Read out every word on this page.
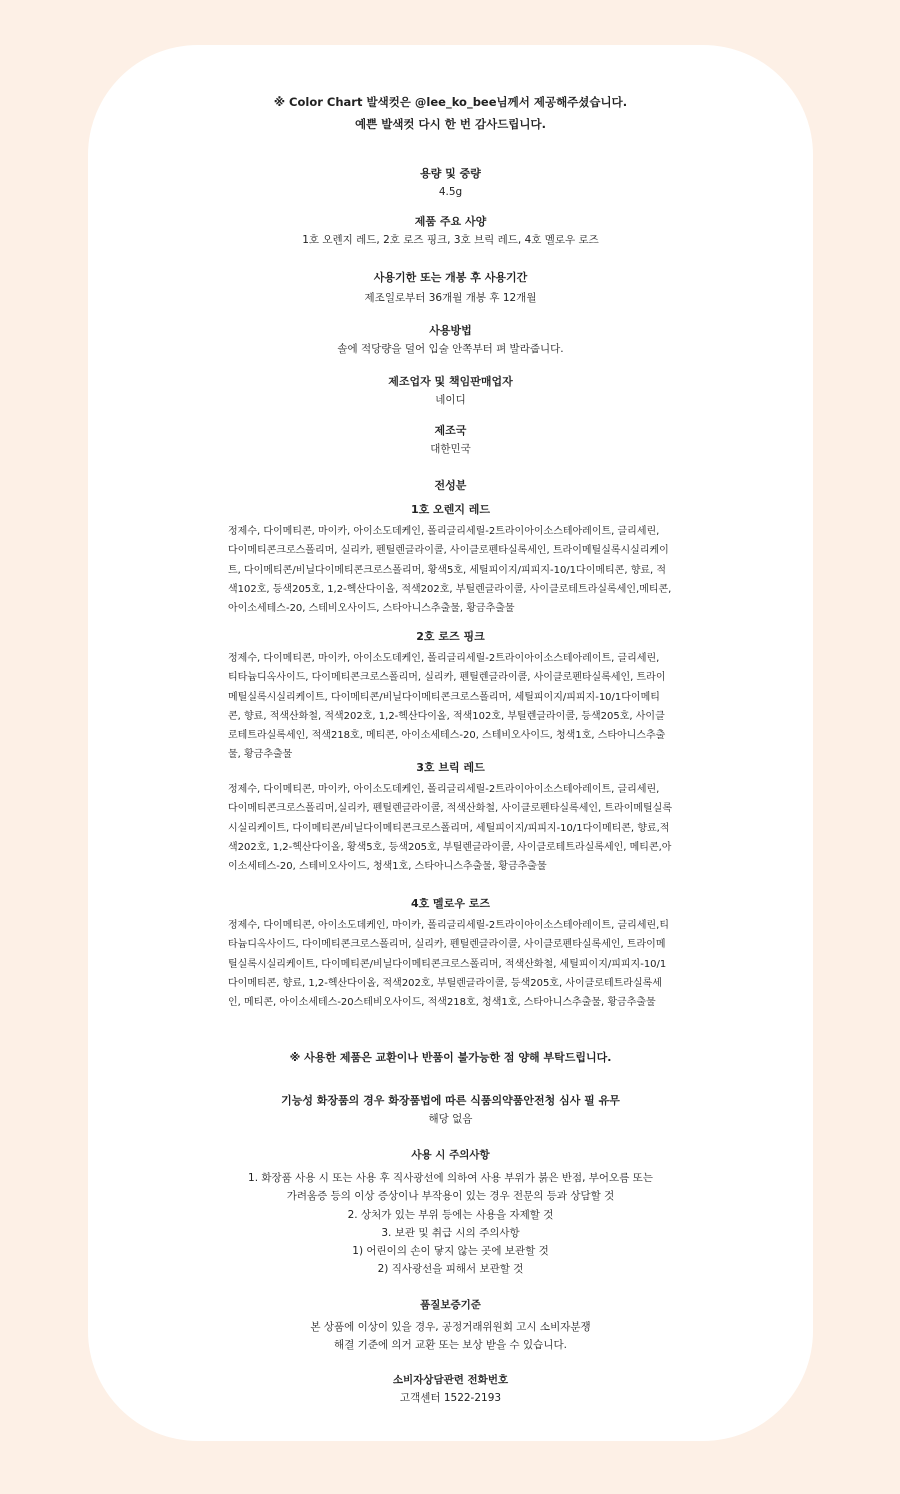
※ Color Chart 발색컷은 @lee_ko_bee님께서 제공해주셨습니다.
예쁜 발색컷 다시 한 번 감사드립니다.
용량 및 중량
4.5g
제품 주요 사양
1호 오렌지 레드, 2호 로즈 핑크, 3호 브릭 레드, 4호 멜로우 로즈
사용기한 또는 개봉 후 사용기간
제조일로부터 36개월 개봉 후 12개월
사용방법
솔에 적당량을 덜어 입술 안쪽부터 펴 발라줍니다.
제조업자 및 책임판매업자
네이디
제조국
대한민국
전성분
1호 오렌지 레드
정제수, 다이메티콘, 마이카, 아이소도데케인, 폴리글리세릴-2트라이아이소스테아레이트, 글리세린, 다이메티콘크로스폴리머, 실리카, 펜틸렌글라이콜, 사이클로펜타실록세인, 트라이메틸실록시실리케이트, 다이메티콘/비닐다이메티콘크로스폴리머, 황색5호, 세틸피이지/피피지-10/1다이메티콘, 향료, 적색102호, 등색205호, 1,2-헥산다이올, 적색202호, 부틸렌글라이콜, 사이클로테트라실록세인,메티콘, 아이소세테스-20, 스테비오사이드, 스타아니스추출물, 황금추출물
2호 로즈 핑크
정제수, 다이메티콘, 마이카, 아이소도데케인, 폴리글리세릴-2트라이아이소스테아레이트, 글리세린, 티타늄디옥사이드, 다이메티콘크로스폴리머, 실리카, 펜틸렌글라이콜, 사이클로펜타실록세인, 트라이메틸실록시실리케이트, 다이메티콘/비닐다이메티콘크로스폴리머, 세틸피이지/피피지-10/1다이메티콘, 향료, 적색산화철, 적색202호, 1,2-헥산다이올, 적색102호, 부틸렌글라이콜, 등색205호, 사이클로테트라실록세인, 적색218호, 메티콘, 아이소세테스-20, 스테비오사이드, 청색1호, 스타아니스추출물, 황금추출물
3호 브릭 레드
정제수, 다이메티콘, 마이카, 아이소도데케인, 폴리글리세릴-2트라이아이소스테아레이트, 글리세린, 다이메티콘크로스폴리머,실리카, 펜틸렌글라이콜, 적색산화철, 사이클로펜타실록세인, 트라이메틸실록시실리케이트, 다이메티콘/비닐다이메티콘크로스폴리머, 세틸피이지/피피지-10/1다이메티콘, 향료,적색202호, 1,2-헥산다이올, 황색5호, 등색205호, 부틸렌글라이콜, 사이클로테트라실록세인, 메티콘,아이소세테스-20, 스테비오사이드, 청색1호, 스타아니스추출물, 황금추출물
4호 멜로우 로즈
정제수, 다이메티콘, 아이소도데케인, 마이카, 폴리글리세릴-2트라이아이소스테아레이트, 글리세린,티타늄디옥사이드, 다이메티콘크로스폴리머, 실리카, 펜틸렌글라이콜, 사이클로펜타실록세인, 트라이메틸실록시실리케이트, 다이메티콘/비닐다이메티콘크로스폴리머, 적색산화철, 세틸피이지/피피지-10/1다이메티콘, 향료, 1,2-헥산다이올, 적색202호, 부틸렌글라이콜, 등색205호, 사이클로테트라실록세인, 메티콘, 아이소세테스-20스테비오사이드, 적색218호, 청색1호, 스타아니스추출물, 황금추출물
※ 사용한 제품은 교환이나 반품이 불가능한 점 양해 부탁드립니다.
기능성 화장품의 경우 화장품법에 따른 식품의약품안전청 심사 필 유무
해당 없음
사용 시 주의사항
1. 화장품 사용 시 또는 사용 후 직사광선에 의하여 사용 부위가 붉은 반점, 부어오름 또는
가려움증 등의 이상 증상이나 부작용이 있는 경우 전문의 등과 상담할 것
2. 상처가 있는 부위 등에는 사용을 자제할 것
3. 보관 및 취급 시의 주의사항
1) 어린이의 손이 닿지 않는 곳에 보관할 것
2) 직사광선을 피해서 보관할 것
품질보증기준
본 상품에 이상이 있을 경우, 공정거래위원회 고시 소비자분쟁
해결 기준에 의거 교환 또는 보상 받을 수 있습니다.
소비자상담관련 전화번호
고객센터 1522-2193
